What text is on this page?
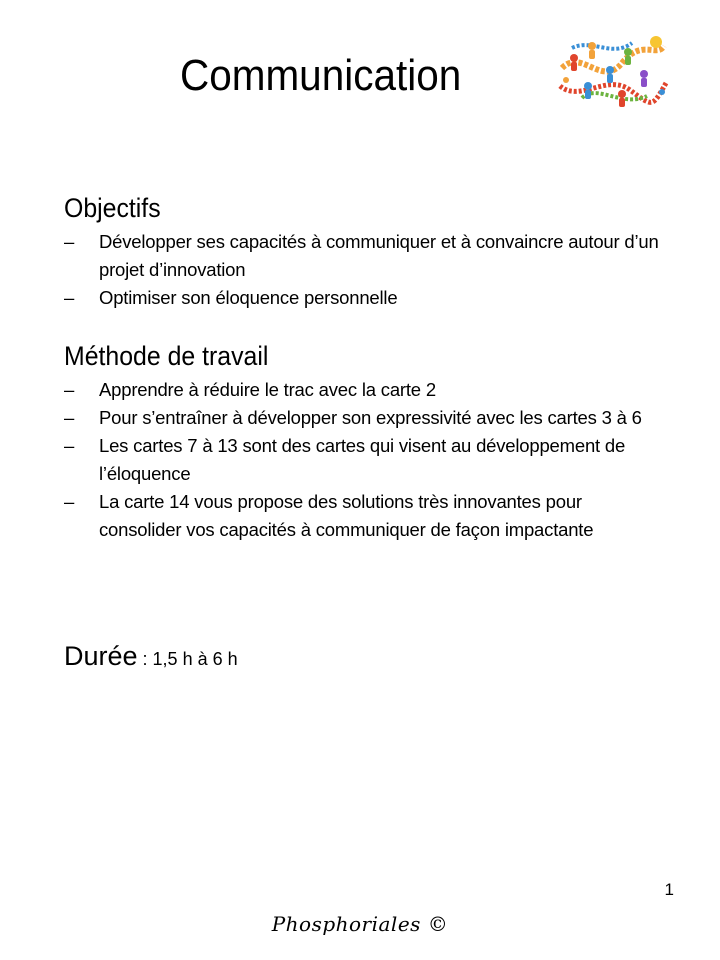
Communication
Objectifs
– Développer ses capacités à communiquer et à convaincre autour d’un projet d’innovation
– Optimiser son éloquence personnelle
Méthode de travail
– Apprendre à réduire le trac avec la carte 2
– Pour s’entraîner à développer son expressivité avec les cartes 3 à 6
– Les cartes 7 à 13 sont des cartes qui visent au développement de l’éloquence
– La carte 14 vous propose des solutions très innovantes pour consolider vos capacités à communiquer de façon impactante
Durée : 1,5 h à 6 h
1
Phosphoriales ©
